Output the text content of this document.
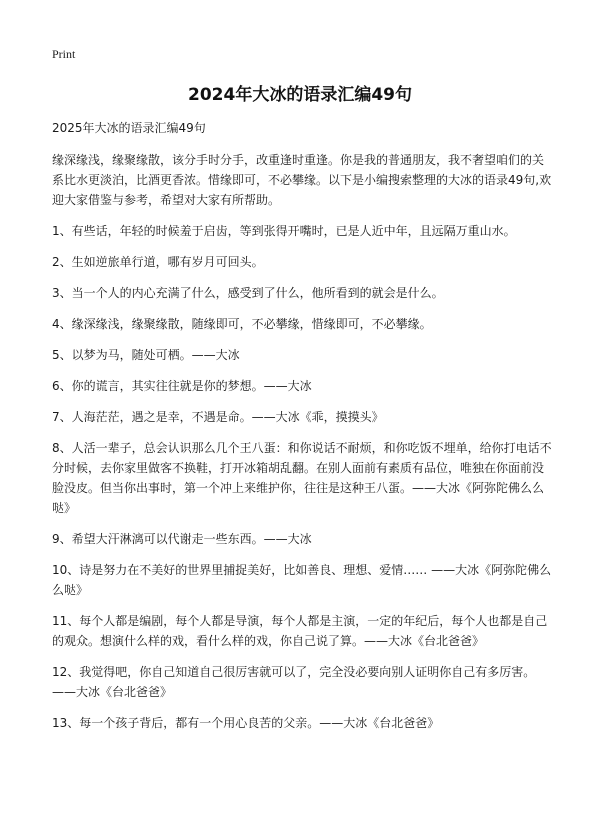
Print
2024年大冰的语录汇编49句

2025年大冰的语录汇编49句

缘深缘浅，缘聚缘散，该分手时分手，改重逢时重逢。你是我的普通朋友，我不奢望咱们的关系比水更淡泊，比酒更香浓。惜缘即可，不必攀缘。以下是小编搜索整理的大冰的语录49句,欢迎大家借鉴与参考，希望对大家有所帮助。

1、有些话，年轻的时候羞于启齿，等到张得开嘴时，已是人近中年，且远隔万重山水。

2、生如逆旅单行道，哪有岁月可回头。

3、当一个人的内心充满了什么，感受到了什么，他所看到的就会是什么。

4、缘深缘浅，缘聚缘散，随缘即可，不必攀缘，惜缘即可，不必攀缘。

5、以梦为马，随处可栖。——大冰

6、你的谎言，其实往往就是你的梦想。——大冰

7、人海茫茫，遇之是幸，不遇是命。——大冰《乖，摸摸头》

8、人活一辈子，总会认识那么几个王八蛋：和你说话不耐烦，和你吃饭不埋单，给你打电话不分时候，去你家里做客不换鞋，打开冰箱胡乱翻。在别人面前有素质有品位，唯独在你面前没脸没皮。但当你出事时，第一个冲上来维护你，往往是这种王八蛋。——大冰《阿弥陀佛么么哒》

9、希望大汗淋漓可以代谢走一些东西。——大冰

10、诗是努力在不美好的世界里捕捉美好，比如善良、理想、爱情…… ——大冰《阿弥陀佛么么哒》

11、每个人都是编剧，每个人都是导演，每个人都是主演，一定的年纪后，每个人也都是自己的观众。想演什么样的戏，看什么样的戏，你自己说了算。——大冰《台北爸爸》

12、我觉得吧，你自己知道自己很厉害就可以了，完全没必要向别人证明你自己有多厉害。——大冰《台北爸爸》

13、每一个孩子背后，都有一个用心良苦的父亲。——大冰《台北爸爸》
